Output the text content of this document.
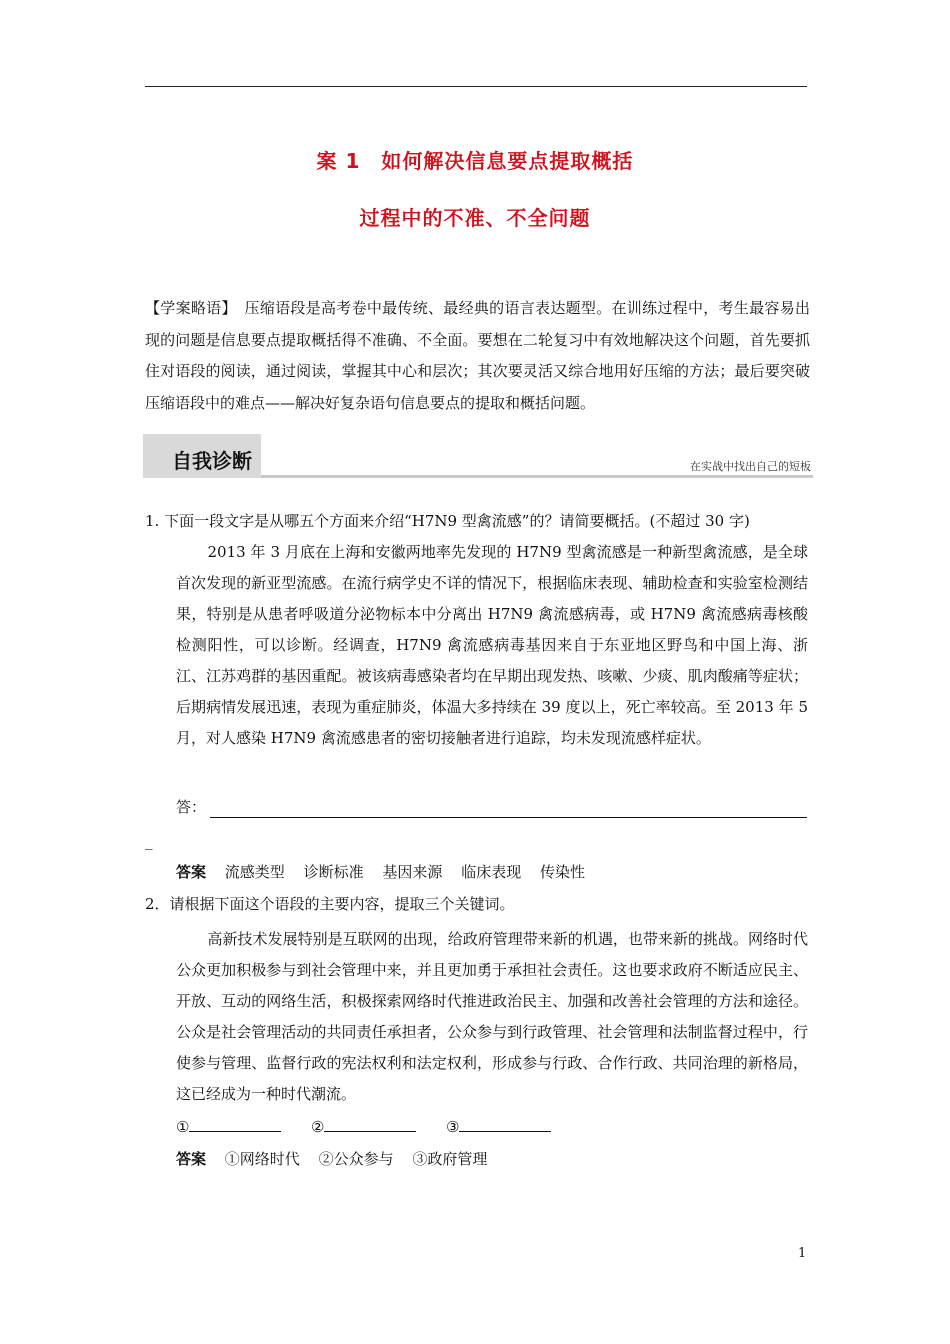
案 1　如何解决信息要点提取概括
过程中的不准、不全问题
【学案略语】　压缩语段是高考卷中最传统、最经典的语言表达题型。在训练过程中，考生最容易出现的问题是信息要点提取概括得不准确、不全面。要想在二轮复习中有效地解决这个问题，首先要抓住对语段的阅读，通过阅读，掌握其中心和层次；其次要灵活又综合地用好压缩的方法；最后要突破压缩语段中的难点——解决好复杂语句信息要点的提取和概括问题。
自我诊断	在实战中找出自己的短板
1. 下面一段文字是从哪五个方面来介绍“H7N9 型禽流感”的？请简要概括。(不超过 30 字)
2013 年 3 月底在上海和安徽两地率先发现的 H7N9 型禽流感是一种新型禽流感，是全球首次发现的新亚型流感。在流行病学史不详的情况下，根据临床表现、辅助检查和实验室检测结果，特别是从患者呼吸道分泌物标本中分离出 H7N9 禽流感病毒，或 H7N9 禽流感病毒核酸检测阳性，可以诊断。经调查，H7N9 禽流感病毒基因来自于东亚地区野鸟和中国上海、浙江、江苏鸡群的基因重配。被该病毒感染者均在早期出现发热、咳嗽、少痰、肌肉酸痛等症状；后期病情发展迅速，表现为重症肺炎，体温大多持续在 39 度以上，死亡率较高。至 2013 年 5 月，对人感染 H7N9 禽流感患者的密切接触者进行追踪，均未发现流感样症状。
答：
_
答案 流感类型 诊断标准 基因来源 临床表现 传染性
2．请根据下面这个语段的主要内容，提取三个关键词。
高新技术发展特别是互联网的出现，给政府管理带来新的机遇，也带来新的挑战。网络时代公众更加积极参与到社会管理中来，并且更加勇于承担社会责任。这也要求政府不断适应民主、开放、互动的网络生活，积极探索网络时代推进政治民主、加强和改善社会管理的方法和途径。公众是社会管理活动的共同责任承担者，公众参与到行政管理、社会管理和法制监督过程中，行使参与管理、监督行政的宪法权利和法定权利，形成参与行政、合作行政、共同治理的新格局，这已经成为一种时代潮流。
①	②	③
答案 ①网络时代 ②公众参与 ③政府管理
1
